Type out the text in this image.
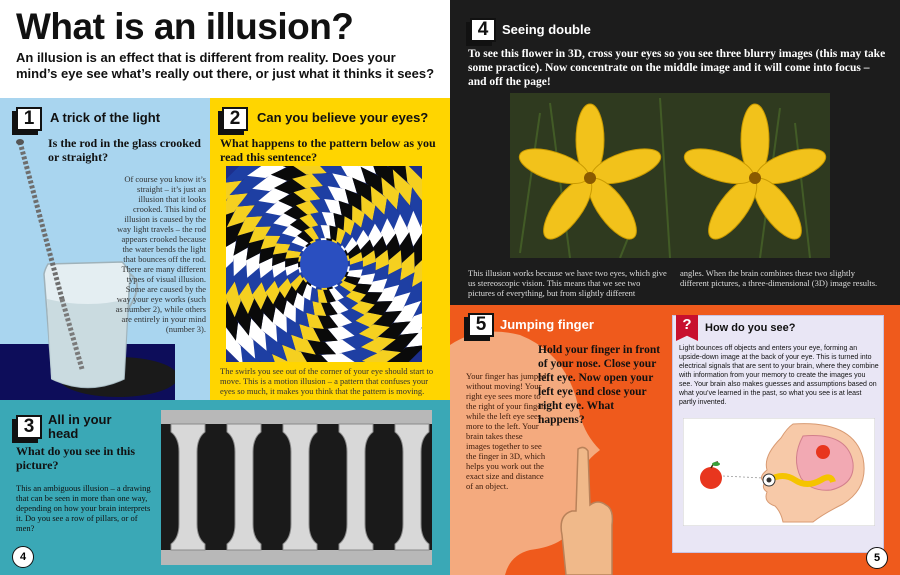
What is an illusion?
An illusion is an effect that is different from reality. Does your mind’s eye see what’s really out there, or just what it thinks it sees?
1	A trick of the light
Is the rod in the glass crooked or straight?
Of course you know it’s straight – it’s just an illusion that it looks crooked. This kind of illusion is caused by the way light travels – the rod appears crooked because the water bends the light that bounces off the rod. There are many different types of visual illusion. Some are caused by the way your eye works (such as number 2), while others are entirely in your mind (number 3).
2	Can you believe your eyes?
What happens to the pattern below as you read this sentence?
The swirls you see out of the corner of your eye should start to move. This is a motion illusion – a pattern that confuses your eyes so much, it makes you think that the pattern is moving.
3	All in your head
What do you see in this picture?
This an ambiguous illusion – a drawing that can be seen in more than one way, depending on how your brain interprets it. Do you see a row of pillars, or of men?
4
4	Seeing double
To see this flower in 3D, cross your eyes so you see three blurry images (this may take some practice). Now concentrate on the middle image and it will come into focus – and off the page!
This illusion works because we have two eyes, which give us stereoscopic vision. This means that we see two pictures of everything, but from slightly different
angles. When the brain combines these two slightly different pictures, a three-dimensional (3D) image results.
5	Jumping finger
Hold your finger in front of your nose. Close your left eye. Now open your left eye and close your right eye. What happens?
Your finger has jumped without moving! Your right eye sees more to the right of your finger, while the left eye sees more to the left. Your brain takes these images together to see the finger in 3D, which helps you work out the exact size and distance of an object.
How do you see?
Light bounces off objects and enters your eye, forming an upside-down image at the back of your eye. This is turned into electrical signals that are sent to your brain, where they combine with information from your memory to create the images you see. Your brain also makes guesses and assumptions based on what you’ve learned in the past, so what you see is at least partly invented.
?
5
